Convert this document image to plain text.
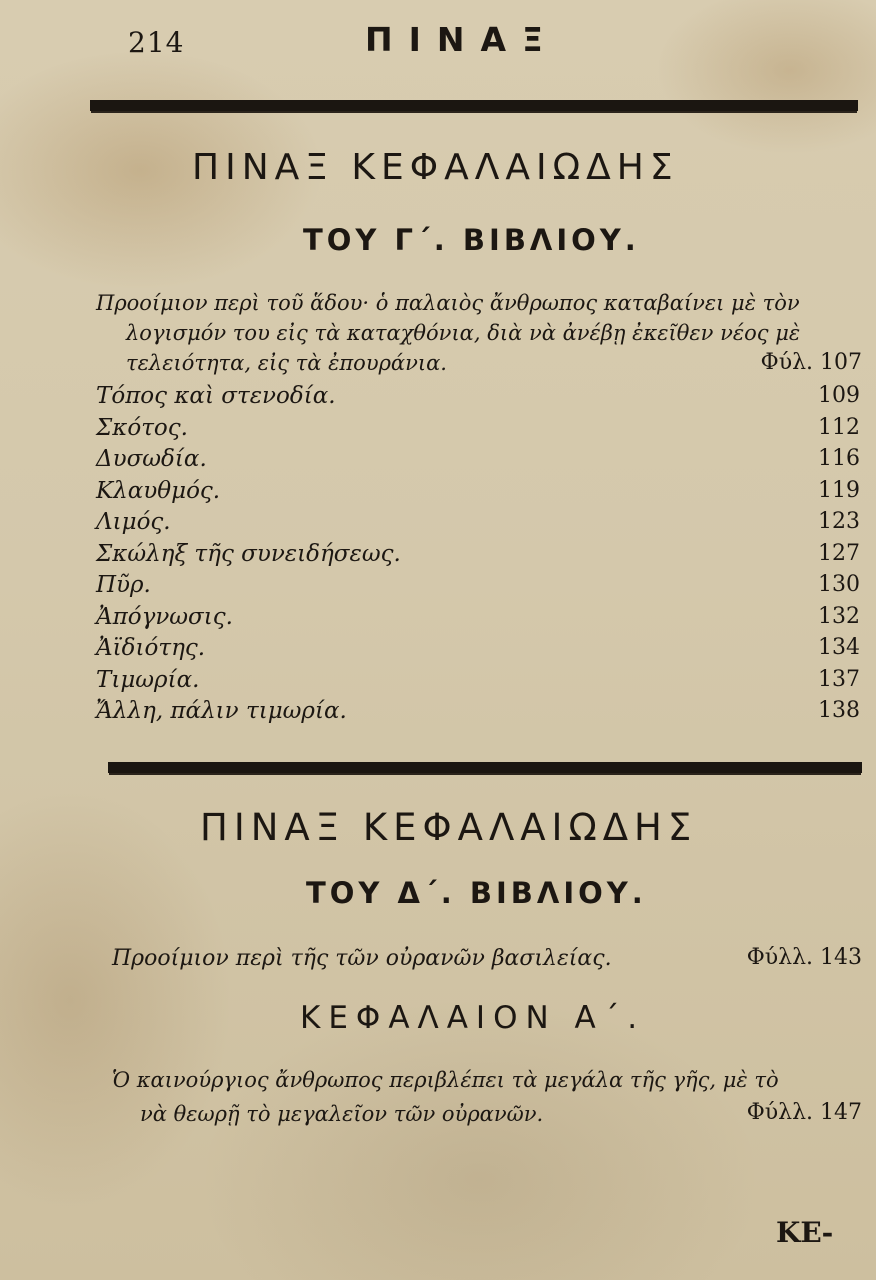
214	ΠΙΝΑΞ
ΠΙΝΑΞ ΚΕΦΑΛΑΙΩΔΗΣ
ΤΟΥ Γ΄. ΒΙΒΛΙΟΥ.
Προοίμιον περὶ τοῦ ἅδου· ὁ παλαιὸς ἄνθρωπος καταβαίνει μὲ τὸν
λογισμόν του εἰς τὰ καταχθόνια, διὰ νὰ ἀνέβῃ ἐκεῖθεν νέος μὲ
τελειότητα, εἰς τὰ ἐπουράνια.	Φύλ. 107
Τόπος καὶ στενοδία.	109
Σκότος.	112
Δυσωδία.	116
Κλαυθμός.	119
Λιμός.	123
Σκώληξ τῆς συνειδήσεως.	127
Πῦρ.	130
Ἀπόγνωσις.	132
Ἀϊδιότης.	134
Τιμωρία.	137
Ἄλλη, πάλιν τιμωρία.	138
ΠΙΝΑΞ ΚΕΦΑΛΑΙΩΔΗΣ
ΤΟΥ Δ΄. ΒΙΒΛΙΟΥ.
Προοίμιον περὶ τῆς τῶν οὐρανῶν βασιλείας.	Φύλλ. 143
ΚΕΦΑΛΑΙΟΝ Α΄.
Ὁ καινούργιος ἄνθρωπος περιβλέπει τὰ μεγάλα τῆς γῆς, μὲ τὸ
νὰ θεωρῇ τὸ μεγαλεῖον τῶν οὐρανῶν.	Φύλλ. 147
ΚΕ-
